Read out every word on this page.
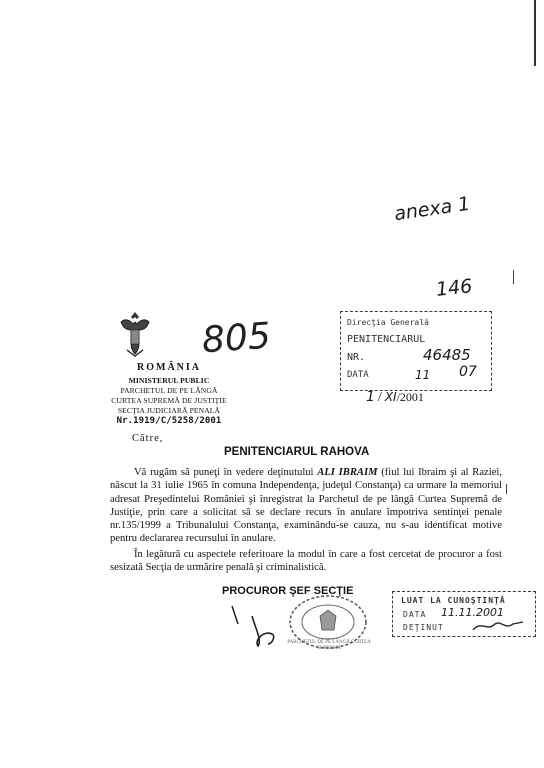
anexa 1
146
805
ROMÂNIA
MINISTERUL PUBLIC
PARCHETUL DE PE LÂNGĂ
CURTEA SUPREMĂ DE JUSTIŢIE
SECŢIA JUDICIARĂ PENALĂ
Nr.1919/C/5258/2001
Direcţia Generală
PENITENCIARUL
NR.	46485
DATA	11 07
1 / XI/2001
Către,
PENITENCIARUL RAHOVA
Vă rugăm să puneţi în vedere deţinutului ALI IBRAIM (fiul lui Ibraim şi al Raziei, născut la 31 iulie 1965 în comuna Independenţa, judeţul Constanţa) ca urmare la memoriul adresat Preşedintelui României şi înregistrat la Parchetul de pe lângă Curtea Supremă de Justiţie, prin care a solicitat să se declare recurs în anulare împotriva sentinţei penale nr.135/1999 a Tribunalului Constanţa, examinându-se cauza, nu s-au identificat motive pentru declararea recursului în anulare.
În legătură cu aspectele referitoare la modul în care a fost cercetat de procuror a fost sesizată Secţia de urmărire penală şi criminalistică.
PROCUROR ŞEF SECŢIE
PARCHETUL DE PE LÂNGĂ CURTEA SUPREMĂ
LUAT LA CUNOŞTINŢĂ
DATA 11.11.2001
DEŢINUT
